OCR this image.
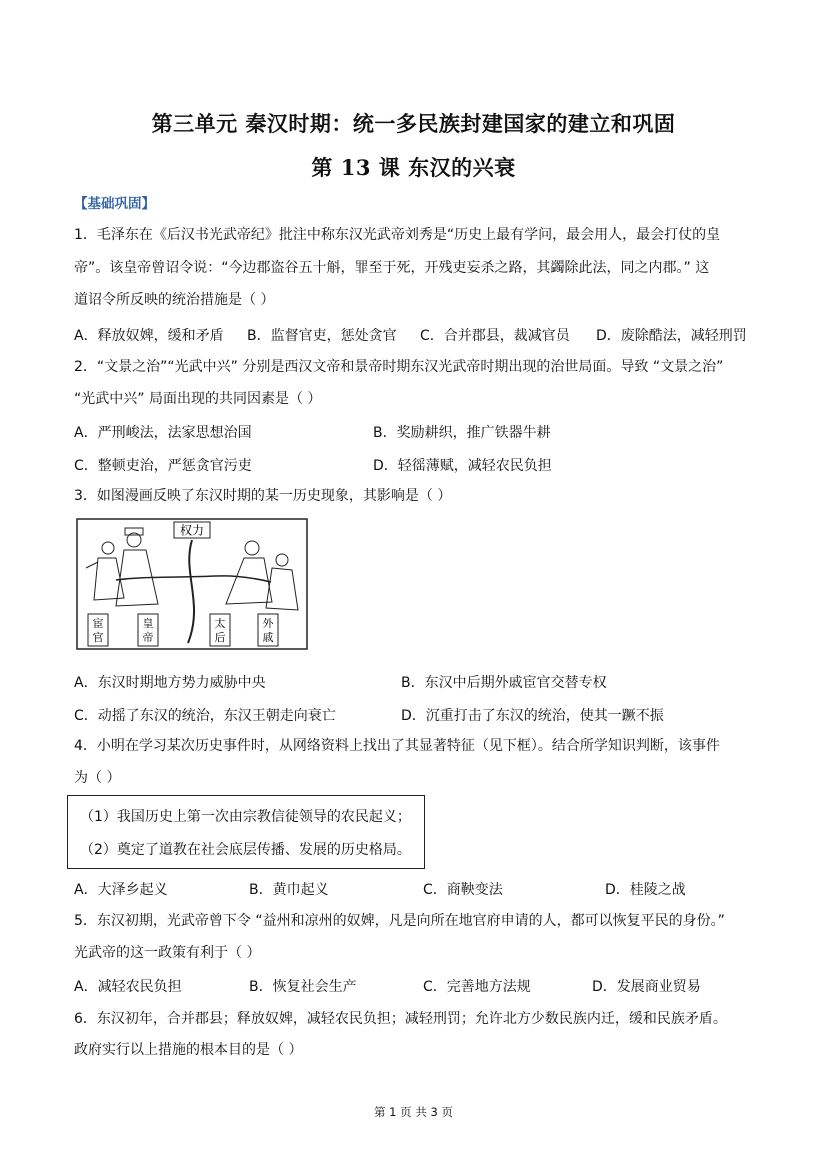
第三单元 秦汉时期：统一多民族封建国家的建立和巩固
第 13 课 东汉的兴衰
【基础巩固】
1．毛泽东在《后汉书光武帝纪》批注中称东汉光武帝刘秀是“历史上最有学问，最会用人，最会打仗的皇
帝”。该皇帝曾诏令说：“今边郡盗谷五十斛，罪至于死，开残吏妄杀之路，其蠲除此法，同之内郡。” 这
道诏令所反映的统治措施是（ ）
A．释放奴婢，缓和矛盾 B．监督官吏，惩处贪官 C．合并郡县，裁减官员 D．废除酷法，减轻刑罚
2．“文景之治”“光武中兴” 分别是西汉文帝和景帝时期东汉光武帝时期出现的治世局面。导致 “文景之治”
“光武中兴” 局面出现的共同因素是（ ）
A．严刑峻法，法家思想治国	B．奖励耕织，推广铁器牛耕
C．整顿吏治，严惩贪官污吏	D．轻徭薄赋，减轻农民负担
3．如图漫画反映了东汉时期的某一历史现象，其影响是（ ）
权力
宦
官
皇
帝
太
后
外
戚
A．东汉时期地方势力威胁中央	B．东汉中后期外戚宦官交替专权
C．动摇了东汉的统治，东汉王朝走向衰亡	D．沉重打击了东汉的统治，使其一蹶不振
4．小明在学习某次历史事件时，从网络资料上找出了其显著特征（见下框）。结合所学知识判断，该事件
为（ ）
（1）我国历史上第一次由宗教信徒领导的农民起义；
（2）奠定了道教在社会底层传播、发展的历史格局。
A．大泽乡起义	B．黄巾起义	C．商鞅变法	D．桂陵之战
5．东汉初期，光武帝曾下令 “益州和凉州的奴婢，凡是向所在地官府申请的人，都可以恢复平民的身份。”
光武帝的这一政策有利于（ ）
A．减轻农民负担	B．恢复社会生产	C．完善地方法规	D．发展商业贸易
6．东汉初年，合并郡县；释放奴婢，减轻农民负担；减轻刑罚；允许北方少数民族内迁，缓和民族矛盾。
政府实行以上措施的根本目的是（ ）
第 1 页 共 3 页
